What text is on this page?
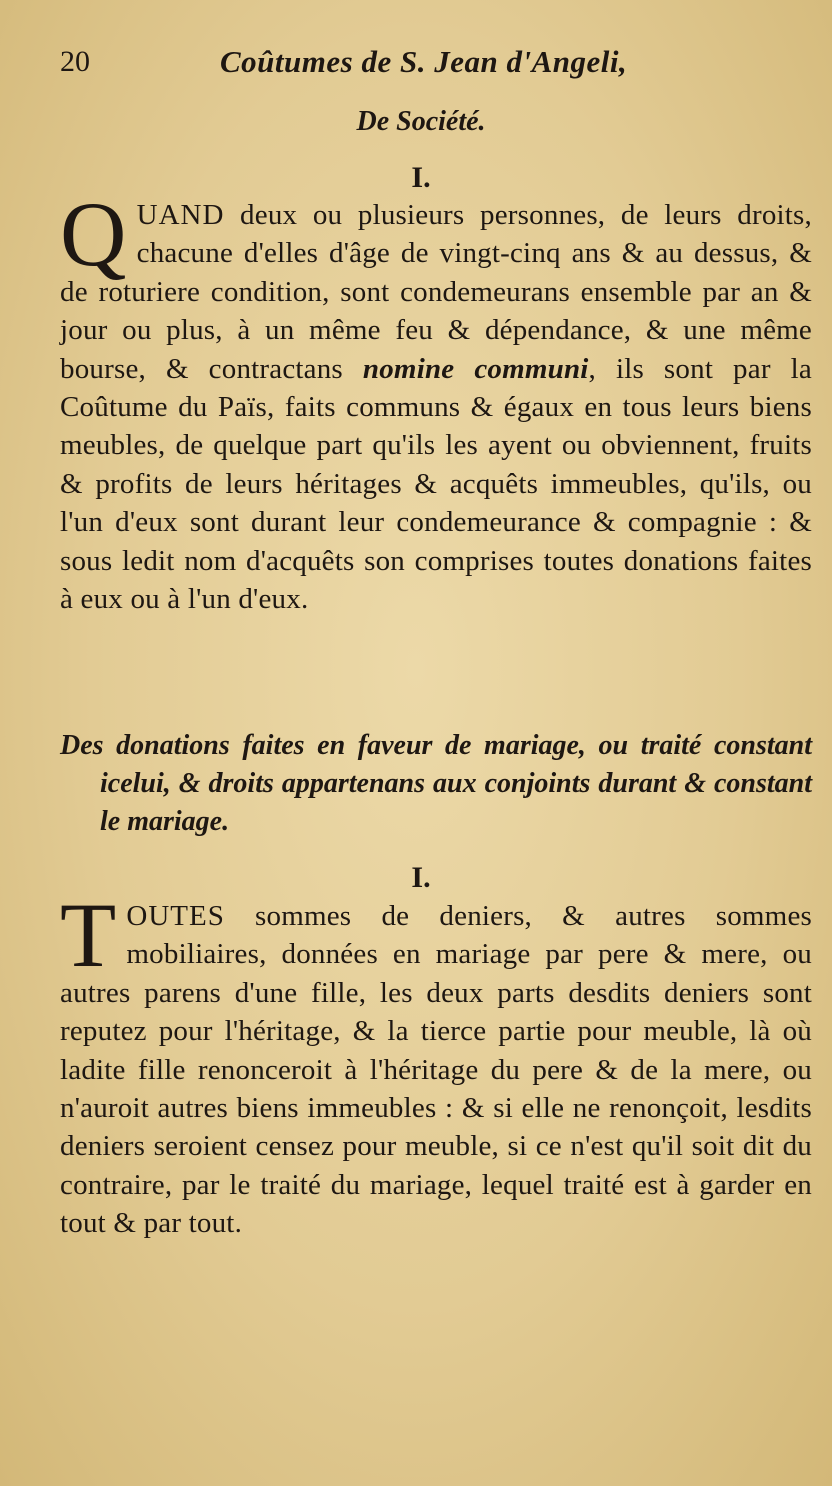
20	Coûtumes de S. Jean d'Angeli,
De Société.
I.

QUAND deux ou plusieurs personnes, de leurs droits, chacune d'elles d'âge de vingt-cinq ans & au dessus, & de roturiere condition, sont condemeurans ensemble par an & jour ou plus, à un même feu & dépendance, & une même bourse, & contractans nomine communi, ils sont par la Coûtume du Païs, faits communs & égaux en tous leurs biens meubles, de quelque part qu'ils les ayent ou obviennent, fruits & profits de leurs héritages & acquêts immeubles, qu'ils, ou l'un d'eux sont durant leur condemeurance & compagnie : & sous ledit nom d'acquêts son comprises toutes donations faites à eux ou à l'un d'eux.

Des donations faites en faveur de mariage, ou traité constant icelui, & droits appartenans aux conjoints durant & constant le mariage.

I.

TOUTES sommes de deniers, & autres sommes mobiliaires, données en mariage par pere & mere, ou autres parens d'une fille, les deux parts desdits deniers sont reputez pour l'héritage, & la tierce partie pour meuble, là où ladite fille renonceroit à l'héritage du pere & de la mere, ou n'auroit autres biens immeubles : & si elle ne renonçoit, lesdits deniers seroient censez pour meuble, si ce n'est qu'il soit dit du contraire, par le traité du mariage, lequel traité est à garder en tout & par tout.
